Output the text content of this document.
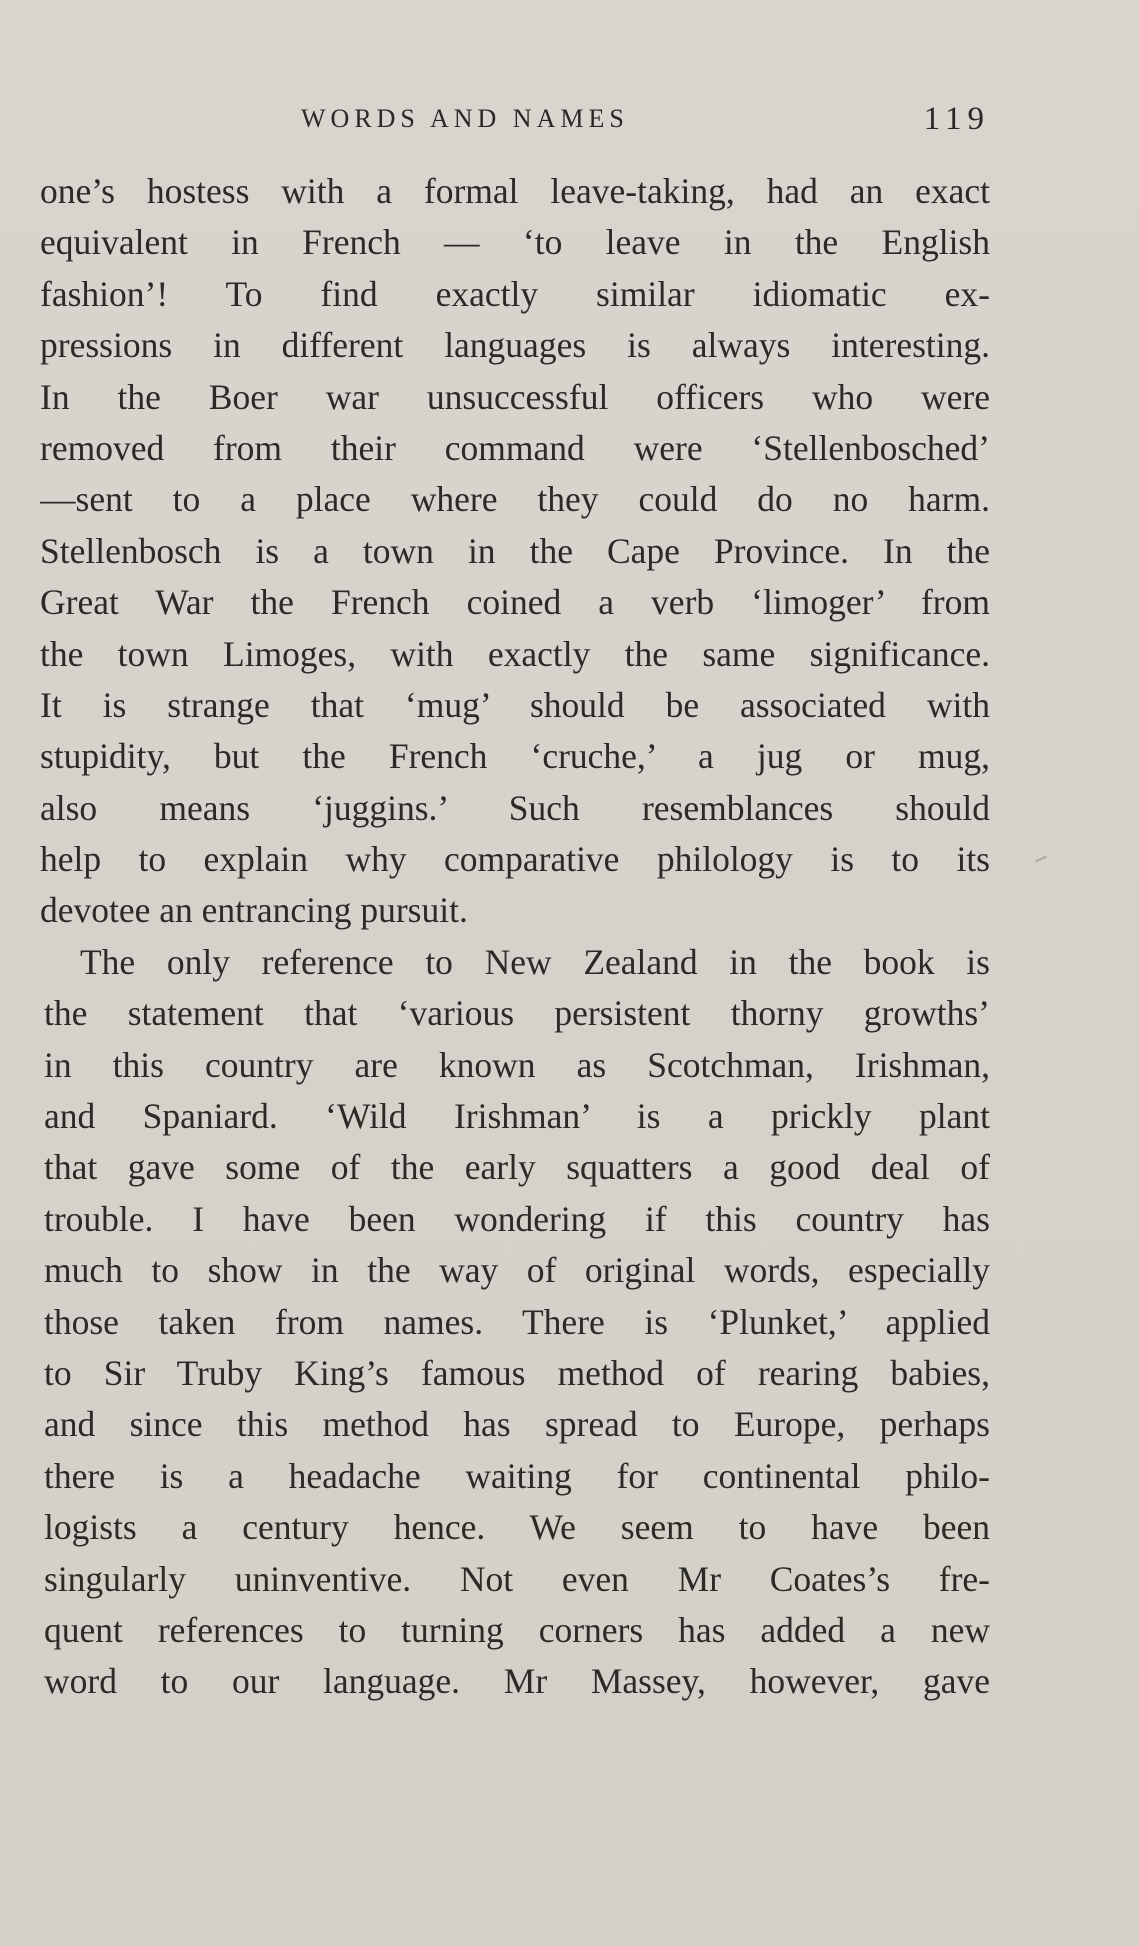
WORDS AND NAMES	119
one’s hostess with a formal leave-taking, had an exact
equivalent in French — ‘to leave in the English
fashion’! To find exactly similar idiomatic ex-
pressions in different languages is always interesting.
In the Boer war unsuccessful officers who were
removed from their command were ‘Stellenbosched’
—sent to a place where they could do no harm.
Stellenbosch is a town in the Cape Province. In the
Great War the French coined a verb ‘limoger’ from
the town Limoges, with exactly the same significance.
It is strange that ‘mug’ should be associated with
stupidity, but the French ‘cruche,’ a jug or mug,
also means ‘juggins.’ Such resemblances should
help to explain why comparative philology is to its
devotee an entrancing pursuit.
The only reference to New Zealand in the book is
the statement that ‘various persistent thorny growths’
in this country are known as Scotchman, Irishman,
and Spaniard. ‘Wild Irishman’ is a prickly plant
that gave some of the early squatters a good deal of
trouble. I have been wondering if this country has
much to show in the way of original words, especially
those taken from names. There is ‘Plunket,’ applied
to Sir Truby King’s famous method of rearing babies,
and since this method has spread to Europe, perhaps
there is a headache waiting for continental philo-
logists a century hence. We seem to have been
singularly uninventive. Not even Mr Coates’s fre-
quent references to turning corners has added a new
word to our language. Mr Massey, however, gave
